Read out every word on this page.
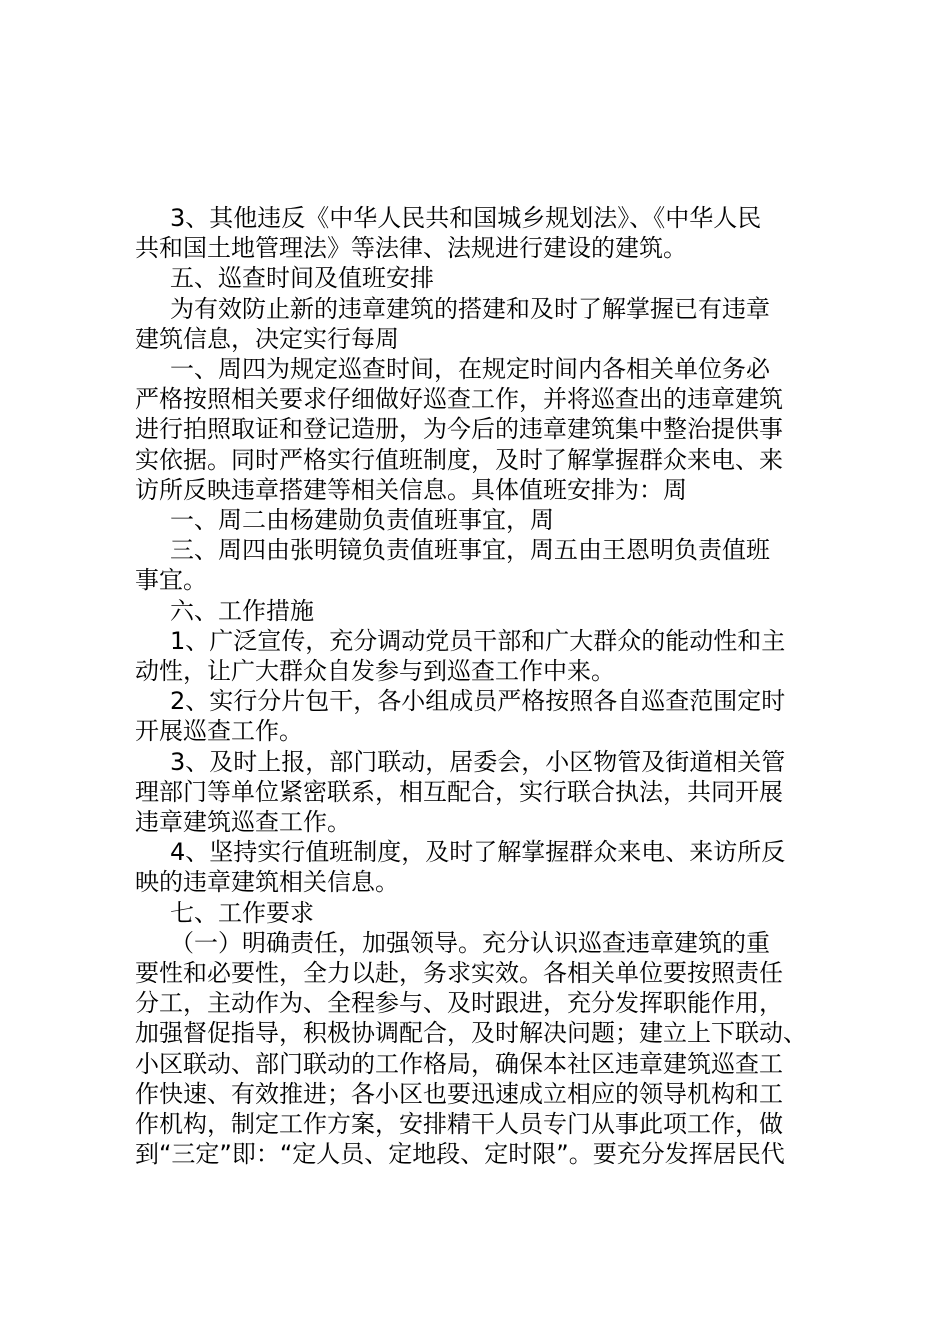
3、其他违反《中华人民共和国城乡规划法》、《中华人民

共和国土地管理法》等法律、法规进行建设的建筑。

五、巡查时间及值班安排

为有效防止新的违章建筑的搭建和及时了解掌握已有违章

建筑信息，决定实行每周

一、周四为规定巡查时间，在规定时间内各相关单位务必

严格按照相关要求仔细做好巡查工作，并将巡查出的违章建筑

进行拍照取证和登记造册，为今后的违章建筑集中整治提供事

实依据。同时严格实行值班制度，及时了解掌握群众来电、来

访所反映违章搭建等相关信息。具体值班安排为：周

一、周二由杨建勋负责值班事宜，周

三、周四由张明镜负责值班事宜，周五由王恩明负责值班

事宜。

六、工作措施

1、广泛宣传，充分调动党员干部和广大群众的能动性和主

动性，让广大群众自发参与到巡查工作中来。

2、实行分片包干，各小组成员严格按照各自巡查范围定时

开展巡查工作。

3、及时上报，部门联动，居委会，小区物管及街道相关管

理部门等单位紧密联系，相互配合，实行联合执法，共同开展

违章建筑巡查工作。

4、坚持实行值班制度，及时了解掌握群众来电、来访所反

映的违章建筑相关信息。

七、工作要求

（一）明确责任，加强领导。充分认识巡查违章建筑的重

要性和必要性，全力以赴，务求实效。各相关单位要按照责任

分工，主动作为、全程参与、及时跟进，充分发挥职能作用，

加强督促指导，积极协调配合，及时解决问题；建立上下联动、

小区联动、部门联动的工作格局，确保本社区违章建筑巡查工

作快速、有效推进；各小区也要迅速成立相应的领导机构和工

作机构，制定工作方案，安排精干人员专门从事此项工作，做

到“三定”即：“定人员、定地段、定时限”。要充分发挥居民代
